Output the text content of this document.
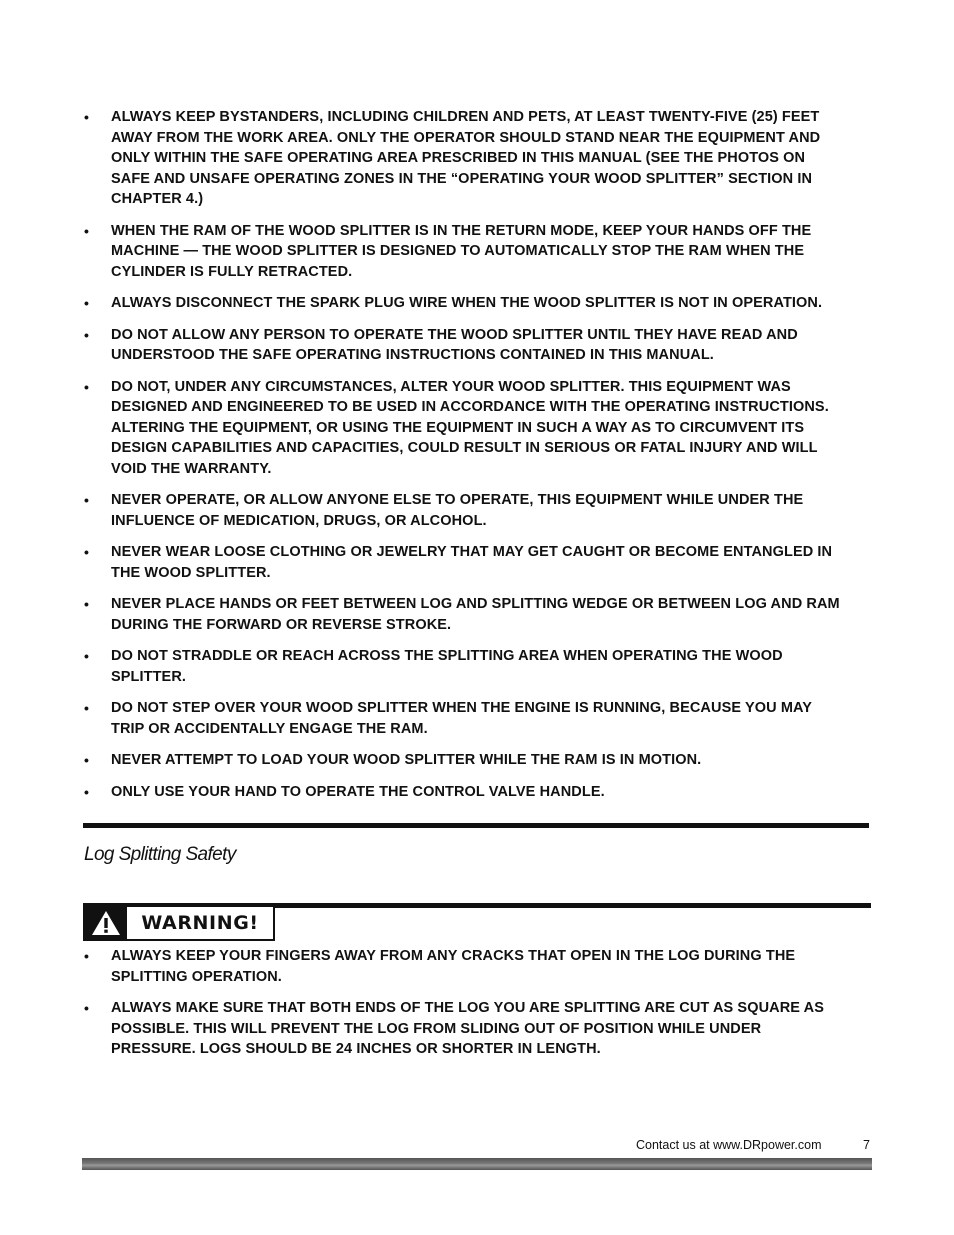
• ALWAYS KEEP BYSTANDERS, INCLUDING CHILDREN AND PETS, AT LEAST TWENTY-FIVE (25) FEET AWAY FROM THE WORK AREA. ONLY THE OPERATOR SHOULD STAND NEAR THE EQUIPMENT AND ONLY WITHIN THE SAFE OPERATING AREA PRESCRIBED IN THIS MANUAL (SEE THE PHOTOS ON SAFE AND UNSAFE OPERATING ZONES IN THE “OPERATING YOUR WOOD SPLITTER” SECTION IN CHAPTER 4.)
• WHEN THE RAM OF THE WOOD SPLITTER IS IN THE RETURN MODE, KEEP YOUR HANDS OFF THE MACHINE — THE WOOD SPLITTER IS DESIGNED TO AUTOMATICALLY STOP THE RAM WHEN THE CYLINDER IS FULLY RETRACTED.
• ALWAYS DISCONNECT THE SPARK PLUG WIRE WHEN THE WOOD SPLITTER IS NOT IN OPERATION.
• DO NOT ALLOW ANY PERSON TO OPERATE THE WOOD SPLITTER UNTIL THEY HAVE READ AND UNDERSTOOD THE SAFE OPERATING INSTRUCTIONS CONTAINED IN THIS MANUAL.
• DO NOT, UNDER ANY CIRCUMSTANCES, ALTER YOUR WOOD SPLITTER. THIS EQUIPMENT WAS DESIGNED AND ENGINEERED TO BE USED IN ACCORDANCE WITH THE OPERATING INSTRUCTIONS. ALTERING THE EQUIPMENT, OR USING THE EQUIPMENT IN SUCH A WAY AS TO CIRCUMVENT ITS DESIGN CAPABILITIES AND CAPACITIES, COULD RESULT IN SERIOUS OR FATAL INJURY AND WILL VOID THE WARRANTY.
• NEVER OPERATE, OR ALLOW ANYONE ELSE TO OPERATE, THIS EQUIPMENT WHILE UNDER THE INFLUENCE OF MEDICATION, DRUGS, OR ALCOHOL.
• NEVER WEAR LOOSE CLOTHING OR JEWELRY THAT MAY GET CAUGHT OR BECOME ENTANGLED IN THE WOOD SPLITTER.
• NEVER PLACE HANDS OR FEET BETWEEN LOG AND SPLITTING WEDGE OR BETWEEN LOG AND RAM DURING THE FORWARD OR REVERSE STROKE.
• DO NOT STRADDLE OR REACH ACROSS THE SPLITTING AREA WHEN OPERATING THE WOOD SPLITTER.
• DO NOT STEP OVER YOUR WOOD SPLITTER WHEN THE ENGINE IS RUNNING, BECAUSE YOU MAY TRIP OR ACCIDENTALLY ENGAGE THE RAM.
• NEVER ATTEMPT TO LOAD YOUR WOOD SPLITTER WHILE THE RAM IS IN MOTION.
• ONLY USE YOUR HAND TO OPERATE THE CONTROL VALVE HANDLE.
Log Splitting Safety
WARNING!
• ALWAYS KEEP YOUR FINGERS AWAY FROM ANY CRACKS THAT OPEN IN THE LOG DURING THE SPLITTING OPERATION.
• ALWAYS MAKE SURE THAT BOTH ENDS OF THE LOG YOU ARE SPLITTING ARE CUT AS SQUARE AS POSSIBLE. THIS WILL PREVENT THE LOG FROM SLIDING OUT OF POSITION WHILE UNDER PRESSURE. LOGS SHOULD BE 24 INCHES OR SHORTER IN LENGTH.
Contact us at www.DRpower.com	7
